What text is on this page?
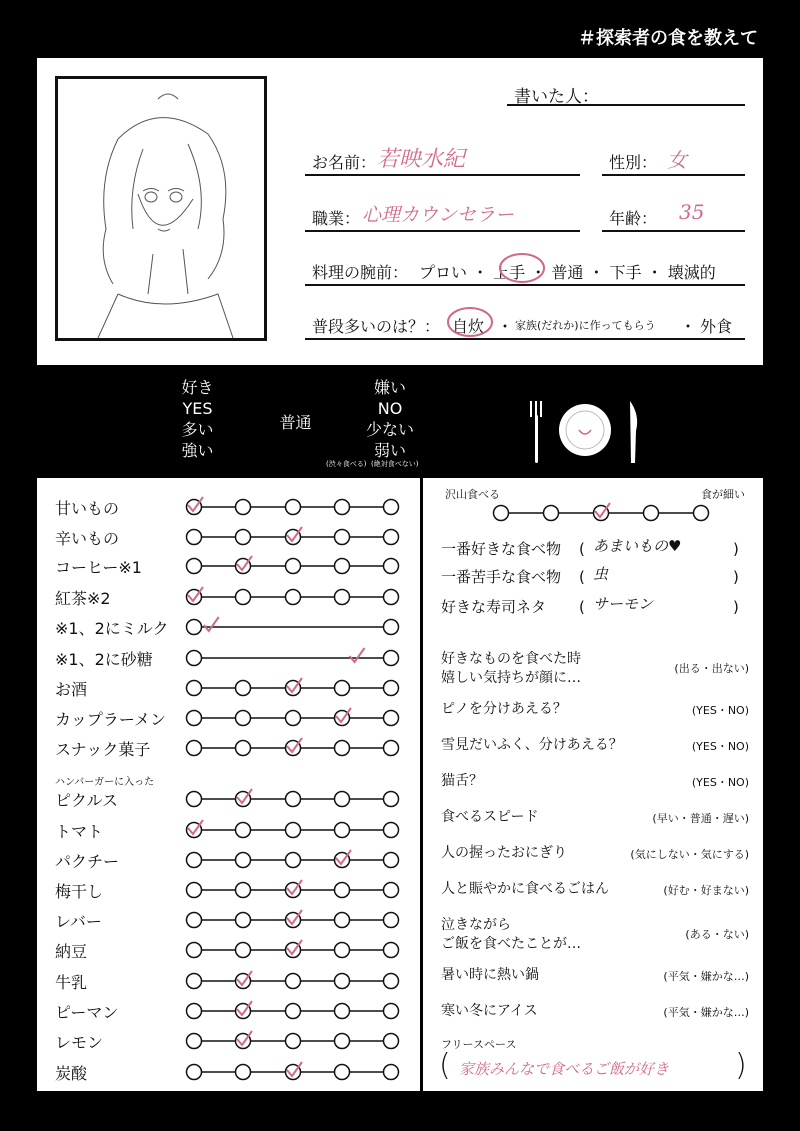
＃探索者の食を教えて
書いた人：
お名前： 若映水紀	性別： 女
職業： 心理カウンセラー	年齢： 35
料理の腕前： プロい ・ 上手 ・ 普通 ・ 下手 ・ 壊滅的
普段多いのは？： 自炊 ・ 家族(だれか)に作ってもらう ・ 外食
好き
YES
多い
強い
普通
嫌い
NO
少ない
弱い
(渋々食べる) (絶対食べない)
甘いもの
辛いもの
コーヒー※1
紅茶※2
※1、2にミルク
※1、2に砂糖
お酒
カップラーメン
スナック菓子
ハンバーガーに入った
ピクルス
トマト
パクチー
梅干し
レバー
納豆
牛乳
ピーマン
レモン
炭酸
沢山食べる	食が細い
一番好きな食べ物 ( あまいもの♥	)
一番苦手な食べ物 ( 虫	)
好きな寿司ネタ ( サーモン	)
好きなものを食べた時
嬉しい気持ちが顔に…
(出る・出ない)
ピノを分けあえる？	(YES・NO)
雪見だいふく、分けあえる？	(YES・NO)
猫舌？	(YES・NO)
食べるスピード	(早い・普通・遅い)
人の握ったおにぎり	(気にしない・気にする)
人と賑やかに食べるごはん	(好む・好まない)
泣きながら
ご飯を食べたことが…
(ある・ない)
暑い時に熱い鍋	(平気・嫌かな…)
寒い冬にアイス	(平気・嫌かな…)
フリースペース
( 家族みんなで食べるご飯が好き )
